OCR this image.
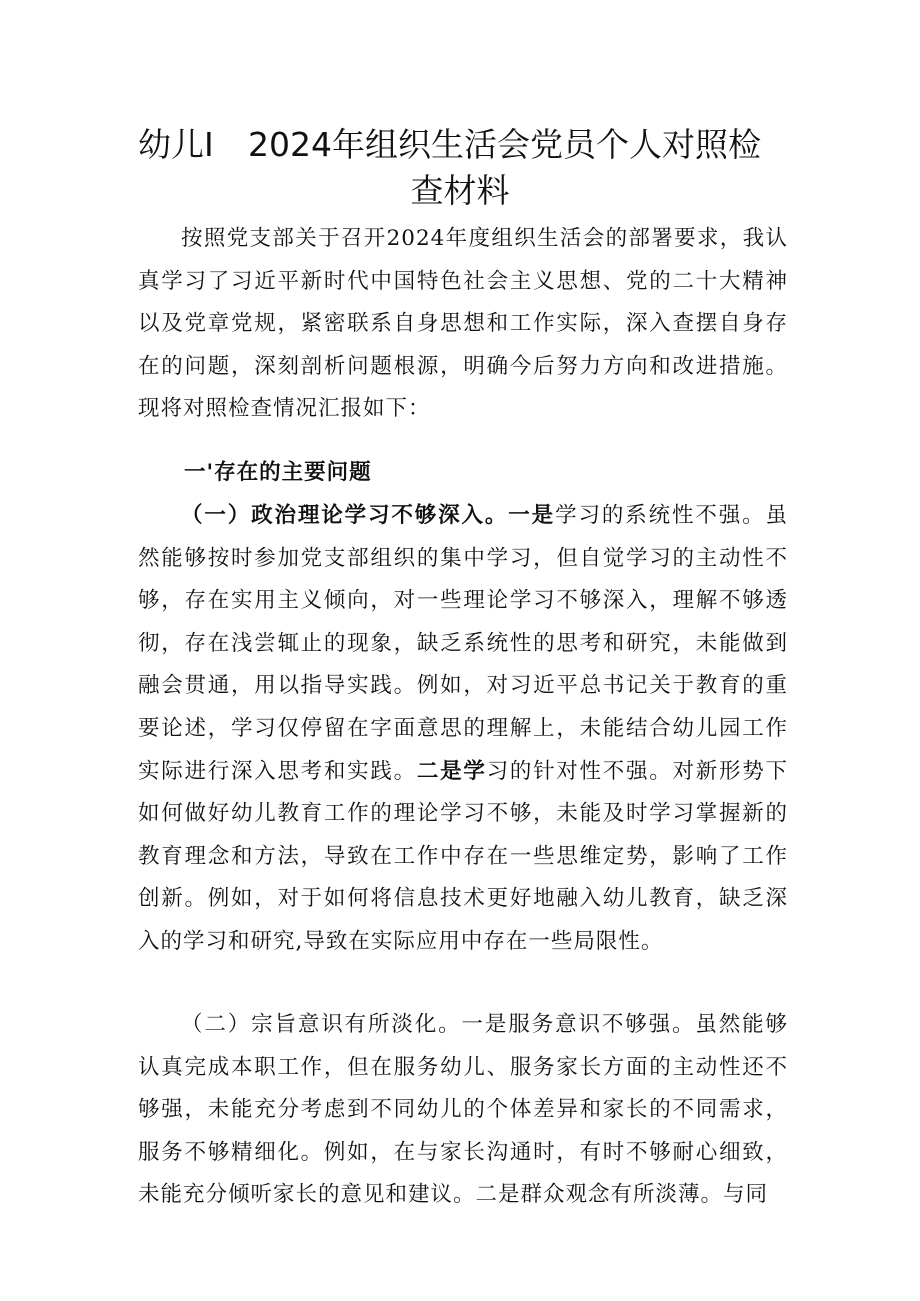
幼儿I 2024年组织生活会党员个人对照检
查材料

按照党支部关于召开2024年度组织生活会的部署要求，我认真学习了习近平新时代中国特色社会主义思想、党的二十大精神以及党章党规，紧密联系自身思想和工作实际，深入查摆自身存在的问题，深刻剖析问题根源，明确今后努力方向和改进措施。现将对照检查情况汇报如下：

一'存在的主要问题

（一）政治理论学习不够深入。一是学习的系统性不强。虽然能够按时参加党支部组织的集中学习，但自觉学习的主动性不够，存在实用主义倾向，对一些理论学习不够深入，理解不够透彻，存在浅尝辄止的现象，缺乏系统性的思考和研究，未能做到融会贯通，用以指导实践。例如，对习近平总书记关于教育的重要论述，学习仅停留在字面意思的理解上，未能结合幼儿园工作实际进行深入思考和实践。二是学习的针对性不强。对新形势下如何做好幼儿教育工作的理论学习不够，未能及时学习掌握新的教育理念和方法，导致在工作中存在一些思维定势，影响了工作创新。例如，对于如何将信息技术更好地融入幼儿教育，缺乏深入的学习和研究,导致在实际应用中存在一些局限性。

（二）宗旨意识有所淡化。一是服务意识不够强。虽然能够认真完成本职工作，但在服务幼儿、服务家长方面的主动性还不够强，未能充分考虑到不同幼儿的个体差异和家长的不同需求，服务不够精细化。例如，在与家长沟通时，有时不够耐心细致，未能充分倾听家长的意见和建议。二是群众观念有所淡薄。与同
